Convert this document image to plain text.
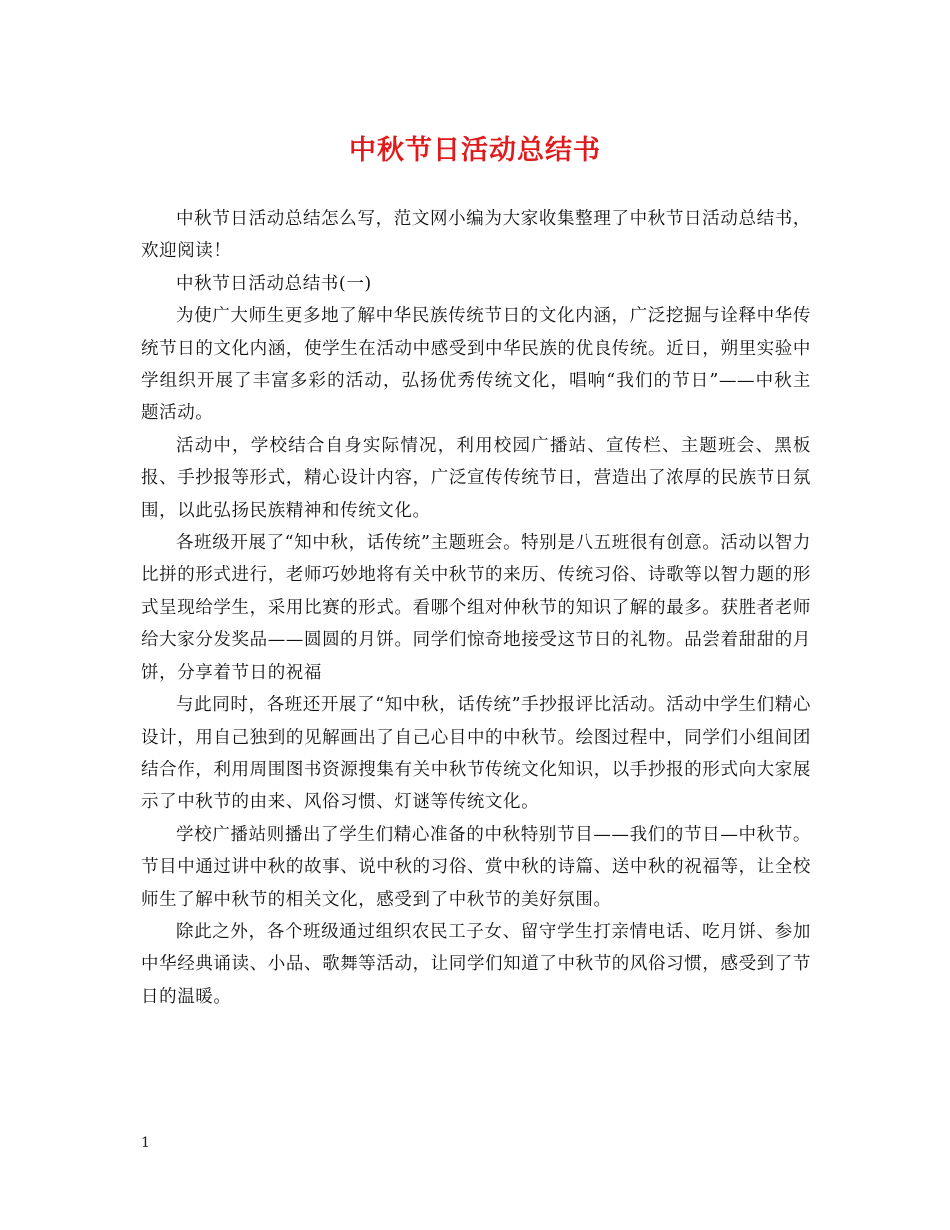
中秋节日活动总结书

中秋节日活动总结怎么写，范文网小编为大家收集整理了中秋节日活动总结书，欢迎阅读！

中秋节日活动总结书(一)

为使广大师生更多地了解中华民族传统节日的文化内涵，广泛挖掘与诠释中华传统节日的文化内涵，使学生在活动中感受到中华民族的优良传统。近日，朔里实验中学组织开展了丰富多彩的活动，弘扬优秀传统文化，唱响“我们的节日”——中秋主题活动。

活动中，学校结合自身实际情况，利用校园广播站、宣传栏、主题班会、黑板报、手抄报等形式，精心设计内容，广泛宣传传统节日，营造出了浓厚的民族节日氛围，以此弘扬民族精神和传统文化。

各班级开展了“知中秋，话传统”主题班会。特别是八五班很有创意。活动以智力比拼的形式进行，老师巧妙地将有关中秋节的来历、传统习俗、诗歌等以智力题的形式呈现给学生，采用比赛的形式。看哪个组对仲秋节的知识了解的最多。获胜者老师给大家分发奖品——圆圆的月饼。同学们惊奇地接受这节日的礼物。品尝着甜甜的月饼，分享着节日的祝福

与此同时，各班还开展了“知中秋，话传统”手抄报评比活动。活动中学生们精心设计，用自己独到的见解画出了自己心目中的中秋节。绘图过程中，同学们小组间团结合作，利用周围图书资源搜集有关中秋节传统文化知识，以手抄报的形式向大家展示了中秋节的由来、风俗习惯、灯谜等传统文化。

学校广播站则播出了学生们精心准备的中秋特别节目——我们的节日—中秋节。节目中通过讲中秋的故事、说中秋的习俗、赏中秋的诗篇、送中秋的祝福等，让全校师生了解中秋节的相关文化，感受到了中秋节的美好氛围。

除此之外，各个班级通过组织农民工子女、留守学生打亲情电话、吃月饼、参加中华经典诵读、小品、歌舞等活动，让同学们知道了中秋节的风俗习惯，感受到了节日的温暖。

1
